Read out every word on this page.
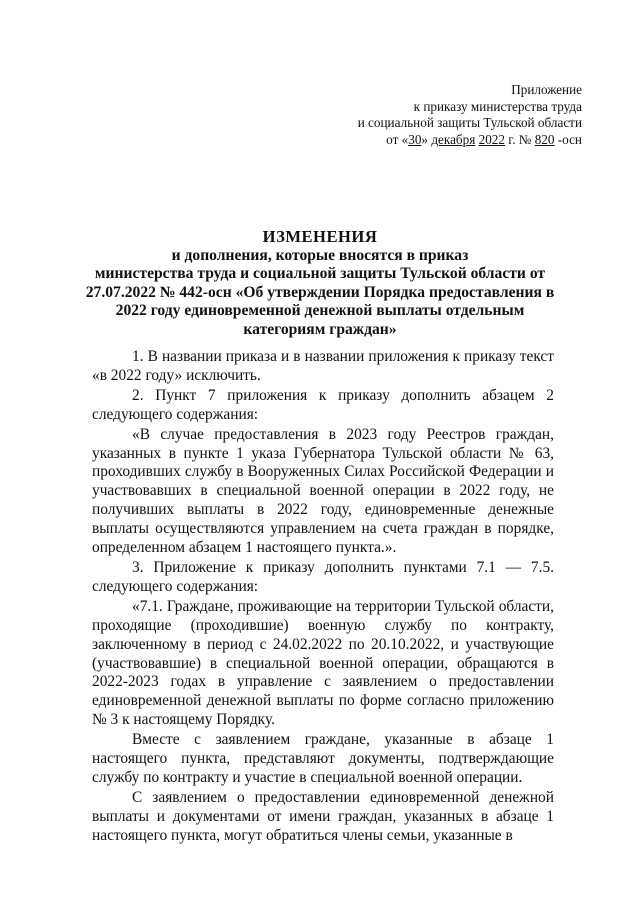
Приложение
к приказу министерства труда
и социальной защиты Тульской области
от «30» декабря 2022 г. № 820 -осн
ИЗМЕНЕНИЯ
и дополнения, которые вносятся в приказ
министерства труда и социальной защиты Тульской области от
27.07.2022 № 442-осн «Об утверждении Порядка предоставления в
2022 году единовременной денежной выплаты отдельным
категориям граждан»

1. В названии приказа и в названии приложения к приказу текст «в 2022 году» исключить.

2. Пункт 7 приложения к приказу дополнить абзацем 2 следующего содержания:

«В случае предоставления в 2023 году Реестров граждан, указанных в пункте 1 указа Губернатора Тульской области № 63, проходивших службу в Вооруженных Силах Российской Федерации и участвовавших в специальной военной операции в 2022 году, не получивших выплаты в 2022 году, единовременные денежные выплаты осуществляются управлением на счета граждан в порядке, определенном абзацем 1 настоящего пункта.».

3. Приложение к приказу дополнить пунктами 7.1 — 7.5. следующего содержания:

«7.1. Граждане, проживающие на территории Тульской области, проходящие (проходившие) военную службу по контракту, заключенному в период с 24.02.2022 по 20.10.2022, и участвующие (участвовавшие) в специальной военной операции, обращаются в 2022-2023 годах в управление с заявлением о предоставлении единовременной денежной выплаты по форме согласно приложению № 3 к настоящему Порядку.

Вместе с заявлением граждане, указанные в абзаце 1 настоящего пункта, представляют документы, подтверждающие службу по контракту и участие в специальной военной операции.

С заявлением о предоставлении единовременной денежной выплаты и документами от имени граждан, указанных в абзаце 1 настоящего пункта, могут обратиться члены семьи, указанные в
